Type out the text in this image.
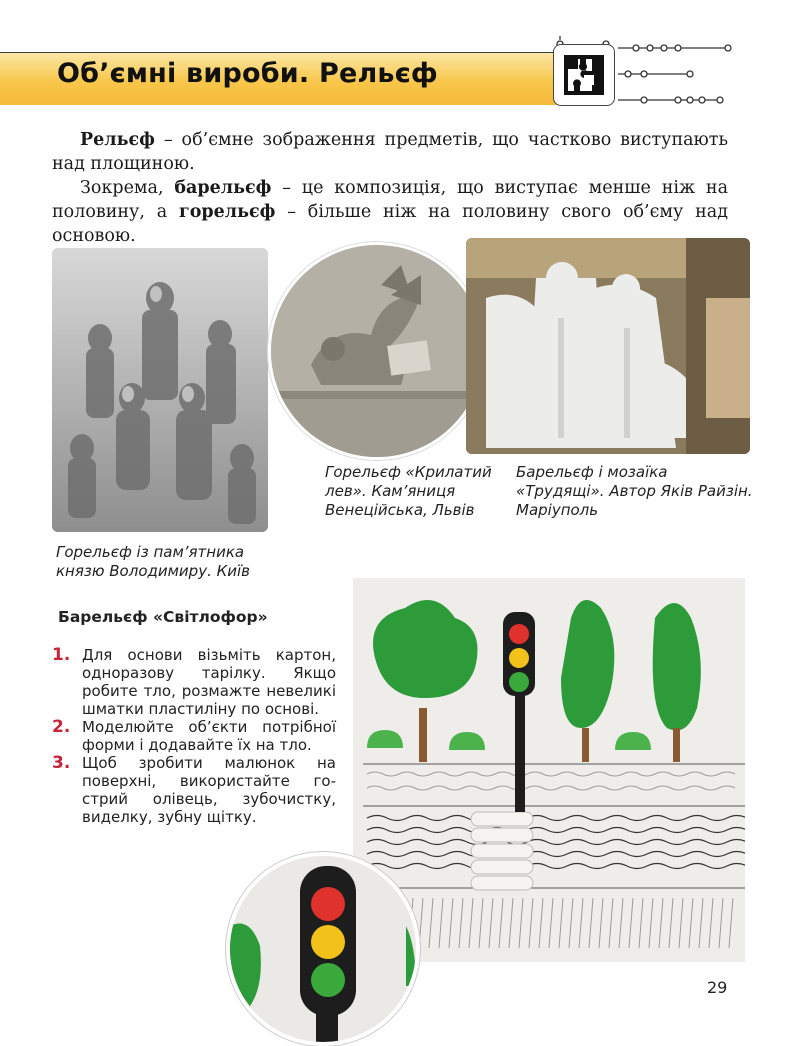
Об’ємні вироби. Рельєф
Рельєф – об’ємне зображення предметів, що частково виступають над площиною.
Зокрема, барельєф – це композиція, що виступає менше ніж на половину, а горельєф – більше ніж на половину свого об’єму над основою.
Горельєф із пам’ятника князю Володимиру. Київ
Горельєф «Крилатий лев». Кам’яниця Венеційська, Львів
Барельєф і мозаїка «Трудящі». Автор Яків Райзін. Маріуполь
Барельєф «Світлофор»
1. Для основи візьміть картон, одноразову тарілку. Якщо робите тло, розмажте невеликі шматки пластиліну по основі.
2. Моделюйте об’єкти потрібної форми і додавайте їх на тло.
3. Щоб зробити малюнок на поверхні, використайте гострий олівець, зубочистку, виделку, зубну щітку.
29
